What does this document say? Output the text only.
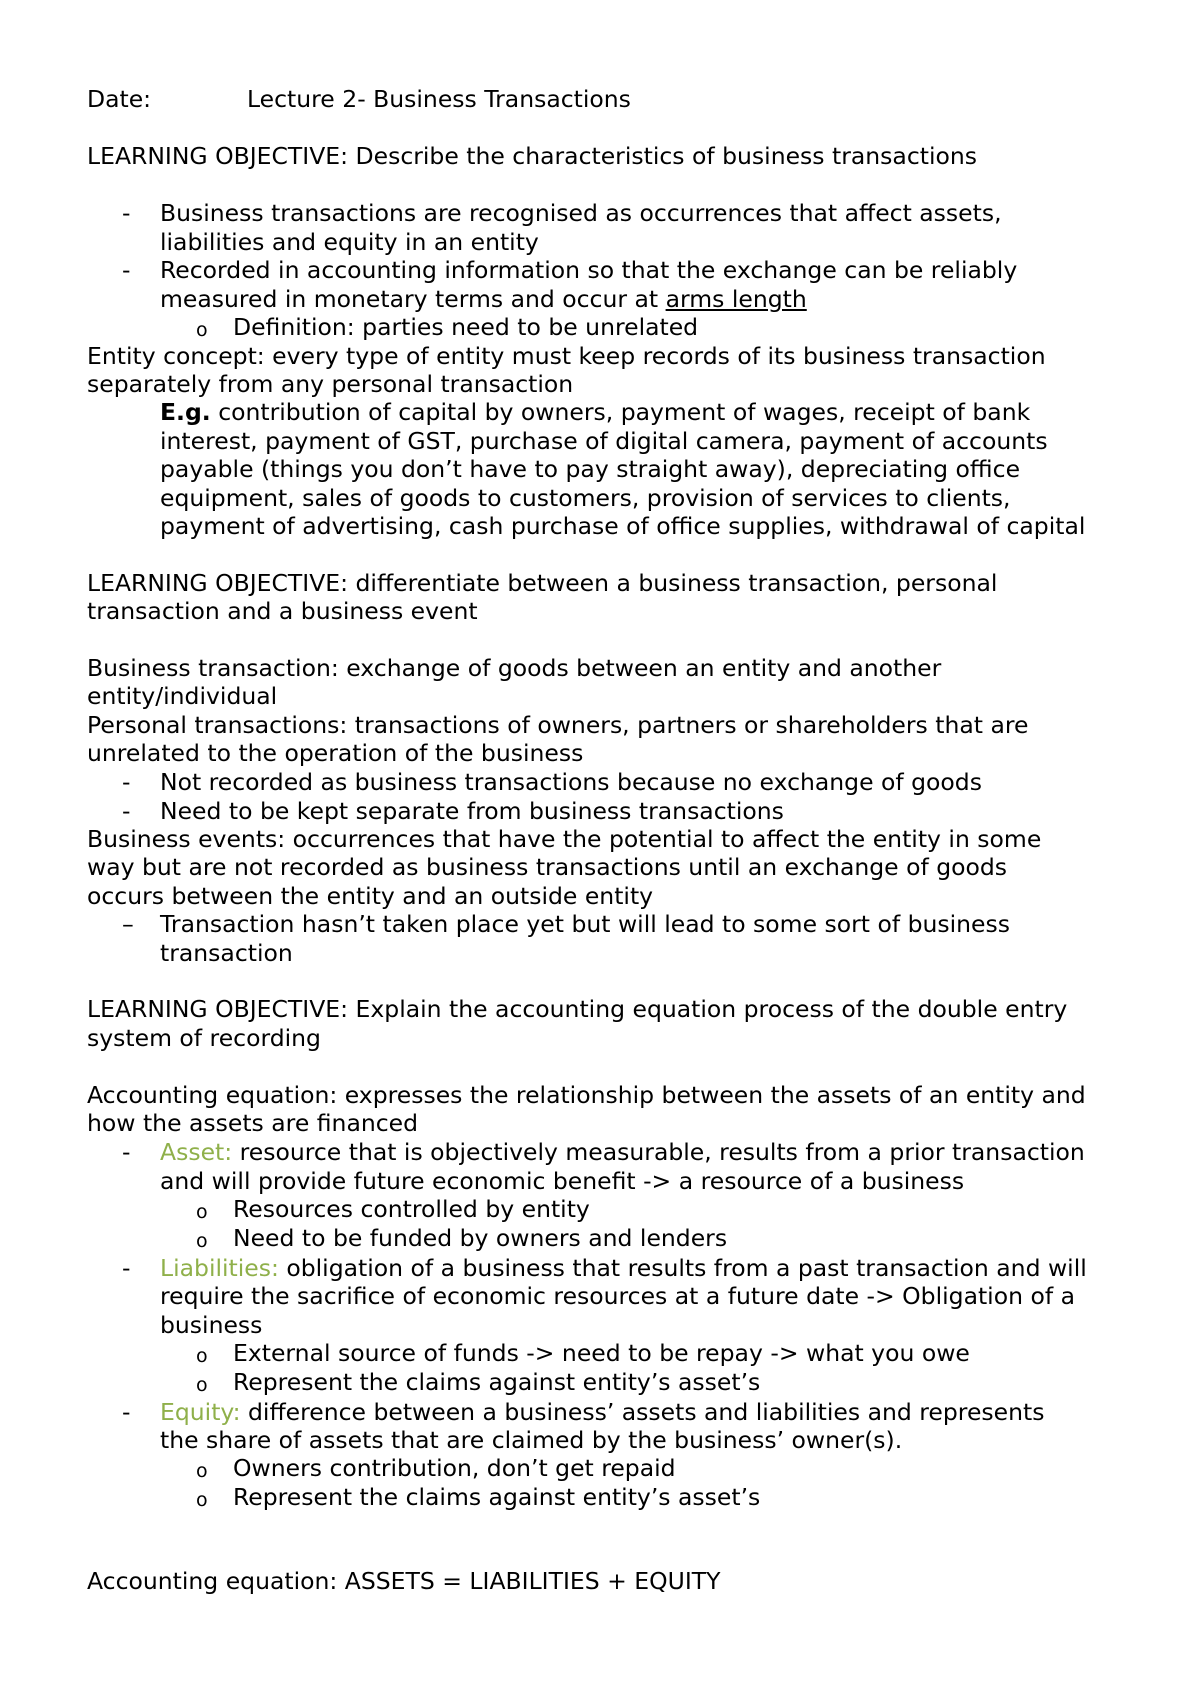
Date:	Lecture 2- Business Transactions
LEARNING OBJECTIVE: Describe the characteristics of business transactions
- Business transactions are recognised as occurrences that affect assets,
liabilities and equity in an entity
- Recorded in accounting information so that the exchange can be reliably
measured in monetary terms and occur at arms length
o Definition: parties need to be unrelated
Entity concept: every type of entity must keep records of its business transaction
separately from any personal transaction
E.g. contribution of capital by owners, payment of wages, receipt of bank
interest, payment of GST, purchase of digital camera, payment of accounts
payable (things you don’t have to pay straight away), depreciating office
equipment, sales of goods to customers, provision of services to clients,
payment of advertising, cash purchase of office supplies, withdrawal of capital
LEARNING OBJECTIVE: differentiate between a business transaction, personal
transaction and a business event
Business transaction: exchange of goods between an entity and another
entity/individual
Personal transactions: transactions of owners, partners or shareholders that are
unrelated to the operation of the business
- Not recorded as business transactions because no exchange of goods
- Need to be kept separate from business transactions
Business events: occurrences that have the potential to affect the entity in some
way but are not recorded as business transactions until an exchange of goods
occurs between the entity and an outside entity
– Transaction hasn’t taken place yet but will lead to some sort of business
transaction
LEARNING OBJECTIVE: Explain the accounting equation process of the double entry
system of recording
Accounting equation: expresses the relationship between the assets of an entity and
how the assets are financed
- Asset: resource that is objectively measurable, results from a prior transaction
and will provide future economic benefit -> a resource of a business
o Resources controlled by entity
o Need to be funded by owners and lenders
- Liabilities: obligation of a business that results from a past transaction and will
require the sacrifice of economic resources at a future date -> Obligation of a
business
o External source of funds -> need to be repay -> what you owe
o Represent the claims against entity’s asset’s
- Equity: difference between a business’ assets and liabilities and represents
the share of assets that are claimed by the business’ owner(s).
o Owners contribution, don’t get repaid
o Represent the claims against entity’s asset’s
Accounting equation: ASSETS = LIABILITIES + EQUITY
